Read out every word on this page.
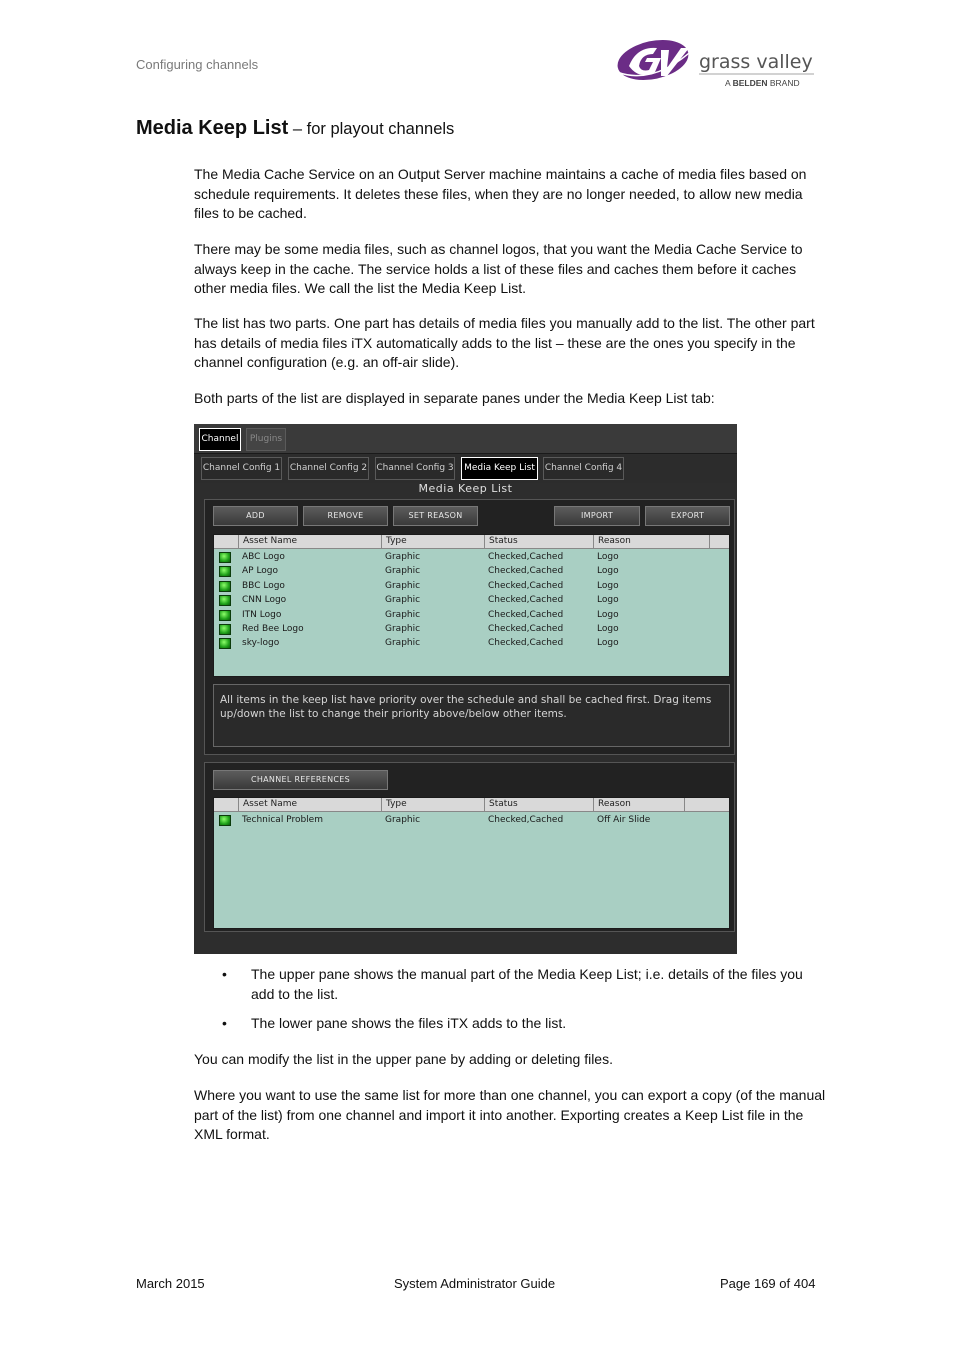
Configuring channels	grass valley
A BELDEN BRAND
Media Keep List – for playout channels

The Media Cache Service on an Output Server machine maintains a cache of media files based on schedule requirements. It deletes these files, when they are no longer needed, to allow new media files to be cached.

There may be some media files, such as channel logos, that you want the Media Cache Service to always keep in the cache. The service holds a list of these files and caches them before it caches other media files. We call the list the Media Keep List.

The list has two parts. One part has details of media files you manually add to the list. The other part has details of media files iTX automatically adds to the list – these are the ones you specify in the channel configuration (e.g. an off-air slide).

Both parts of the list are displayed in separate panes under the Media Keep List tab:

Channel	Plugins
Channel Config 1 Channel Config 2 Channel Config 3	Media Keep List	Channel Config 4
Media Keep List
ADD	REMOVE	SET REASON	IMPORT	EXPORT
Asset Name	Type	Status	Reason
ABC Logo	Graphic	Checked,Cached	Logo
AP Logo	Graphic	Checked,Cached	Logo
BBC Logo	Graphic	Checked,Cached	Logo
CNN Logo	Graphic	Checked,Cached	Logo
ITN Logo	Graphic	Checked,Cached	Logo
Red Bee Logo	Graphic	Checked,Cached	Logo
sky-logo	Graphic	Checked,Cached	Logo
All items in the keep list have priority over the schedule and shall be cached first. Drag items up/down the list to change their priority above/below other items.
CHANNEL REFERENCES
Asset Name	Type	Status	Reason
Technical Problem	Graphic	Checked,Cached	Off Air Slide
• The upper pane shows the manual part of the Media Keep List; i.e. details of the files you add to the list.
• The lower pane shows the files iTX adds to the list.

You can modify the list in the upper pane by adding or deleting files.

Where you want to use the same list for more than one channel, you can export a copy (of the manual part of the list) from one channel and import it into another. Exporting creates a Keep List file in the XML format.

March 2015	System Administrator Guide	Page 169 of 404
